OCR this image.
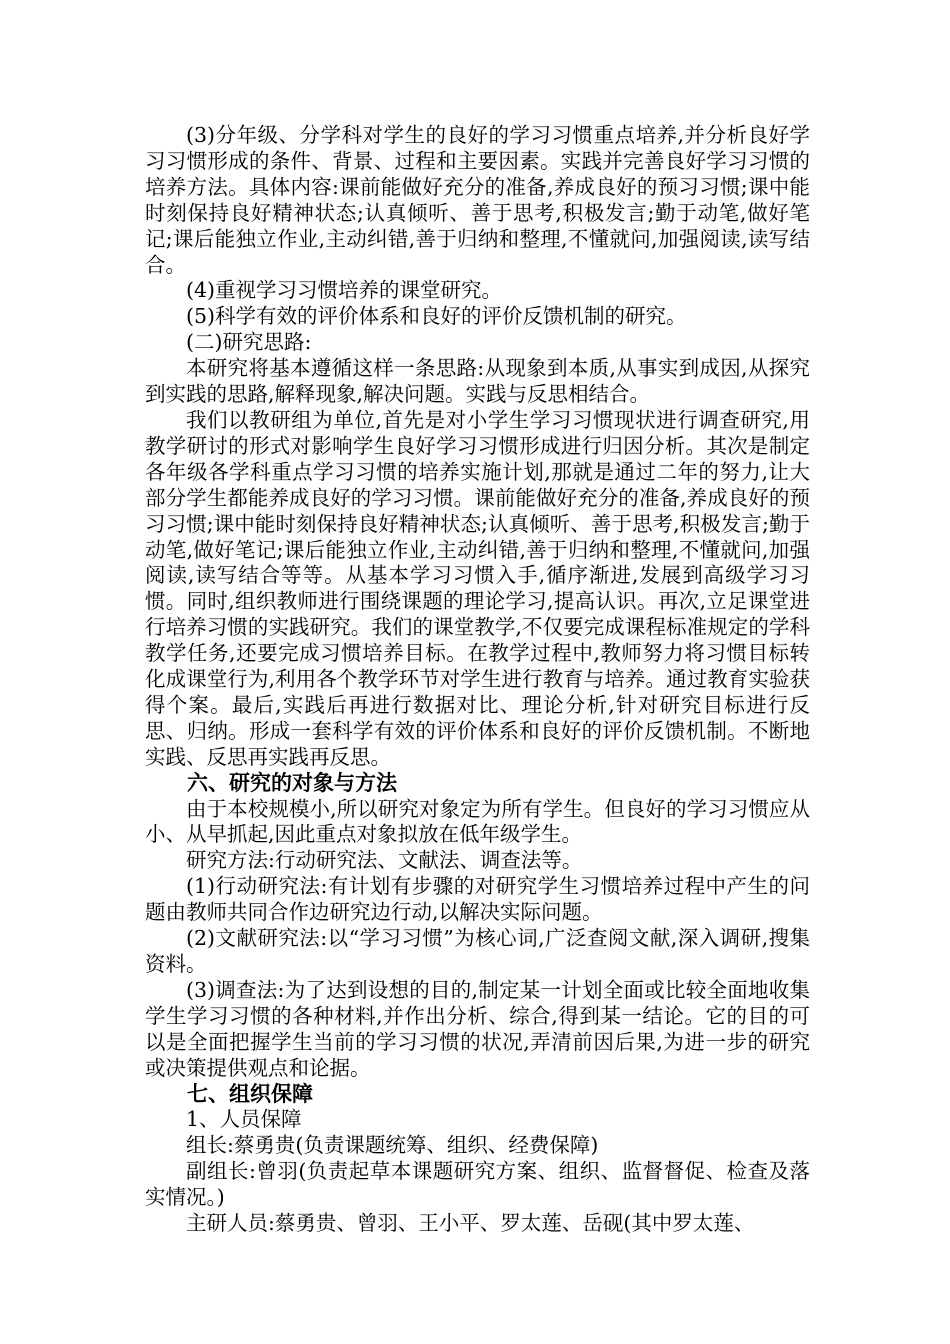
(3)分年级、分学科对学生的良好的学习习惯重点培养,并分析良好学习习惯形成的条件、背景、过程和主要因素。实践并完善良好学习习惯的培养方法。具体内容:课前能做好充分的准备,养成良好的预习习惯;课中能时刻保持良好精神状态;认真倾听、善于思考,积极发言;勤于动笔,做好笔记;课后能独立作业,主动纠错,善于归纳和整理,不懂就问,加强阅读,读写结合。

(4)重视学习习惯培养的课堂研究。

(5)科学有效的评价体系和良好的评价反馈机制的研究。

(二)研究思路:

本研究将基本遵循这样一条思路:从现象到本质,从事实到成因,从探究到实践的思路,解释现象,解决问题。实践与反思相结合。

我们以教研组为单位,首先是对小学生学习习惯现状进行调查研究,用教学研讨的形式对影响学生良好学习习惯形成进行归因分析。其次是制定各年级各学科重点学习习惯的培养实施计划,那就是通过二年的努力,让大部分学生都能养成良好的学习习惯。课前能做好充分的准备,养成良好的预习习惯;课中能时刻保持良好精神状态;认真倾听、善于思考,积极发言;勤于动笔,做好笔记;课后能独立作业,主动纠错,善于归纳和整理,不懂就问,加强阅读,读写结合等等。从基本学习习惯入手,循序渐进,发展到高级学习习惯。同时,组织教师进行围绕课题的理论学习,提高认识。再次,立足课堂进行培养习惯的实践研究。我们的课堂教学,不仅要完成课程标准规定的学科教学任务,还要完成习惯培养目标。在教学过程中,教师努力将习惯目标转化成课堂行为,利用各个教学环节对学生进行教育与培养。通过教育实验获得个案。最后,实践后再进行数据对比、理论分析,针对研究目标进行反思、归纳。形成一套科学有效的评价体系和良好的评价反馈机制。不断地实践、反思再实践再反思。

六、研究的对象与方法

由于本校规模小,所以研究对象定为所有学生。但良好的学习习惯应从小、从早抓起,因此重点对象拟放在低年级学生。

研究方法:行动研究法、文献法、调查法等。

(1)行动研究法:有计划有步骤的对研究学生习惯培养过程中产生的问题由教师共同合作边研究边行动,以解决实际问题。

(2)文献研究法:以“学习习惯”为核心词,广泛查阅文献,深入调研,搜集资料。

(3)调查法:为了达到设想的目的,制定某一计划全面或比较全面地收集学生学习习惯的各种材料,并作出分析、综合,得到某一结论。它的目的可以是全面把握学生当前的学习习惯的状况,弄清前因后果,为进一步的研究或决策提供观点和论据。

七、组织保障

1、人员保障

组长:蔡勇贵(负责课题统筹、组织、经费保障)

副组长:曾羽(负责起草本课题研究方案、组织、监督督促、检查及落实情况。)

主研人员:蔡勇贵、曾羽、王小平、罗太莲、岳砚(其中罗太莲、
